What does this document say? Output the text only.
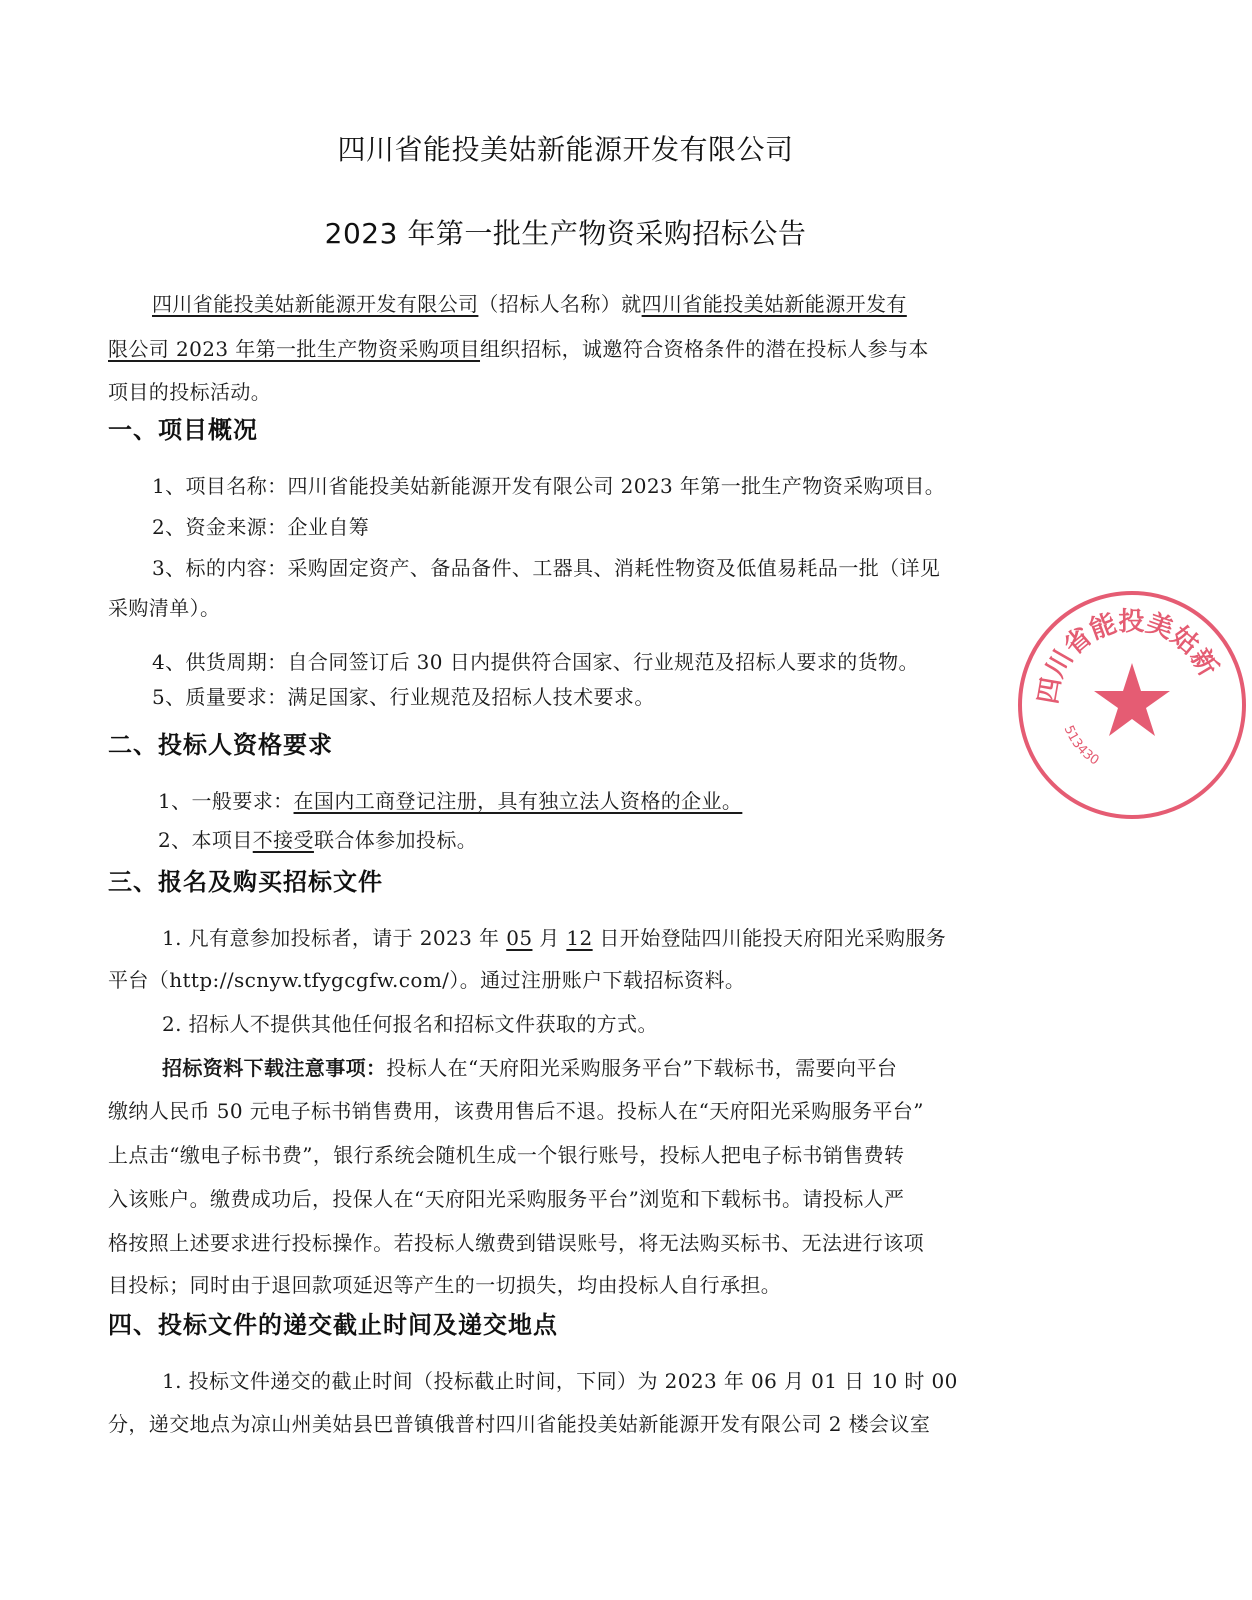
四川省能投美姑新能源开发有限公司
2023 年第一批生产物资采购招标公告
四川省能投美姑新能源开发有限公司（招标人名称）就四川省能投美姑新能源开发有
限公司 2023 年第一批生产物资采购项目组织招标，诚邀符合资格条件的潜在投标人参与本
项目的投标活动。
一、项目概况
1、项目名称：四川省能投美姑新能源开发有限公司 2023 年第一批生产物资采购项目。
2、资金来源：企业自筹
3、标的内容：采购固定资产、备品备件、工器具、消耗性物资及低值易耗品一批（详见
采购清单）。
4、供货周期：自合同签订后 30 日内提供符合国家、行业规范及招标人要求的货物。
5、质量要求：满足国家、行业规范及招标人技术要求。
二、投标人资格要求
1、一般要求：在国内工商登记注册，具有独立法人资格的企业。
2、本项目不接受联合体参加投标。
三、报名及购买招标文件
1. 凡有意参加投标者，请于 2023 年 05 月 12 日开始登陆四川能投天府阳光采购服务
平台（http://scnyw.tfygcgfw.com/）。通过注册账户下载招标资料。
2. 招标人不提供其他任何报名和招标文件获取的方式。
招标资料下载注意事项：投标人在“天府阳光采购服务平台”下载标书，需要向平台
缴纳人民币 50 元电子标书销售费用，该费用售后不退。投标人在“天府阳光采购服务平台”
上点击“缴电子标书费”，银行系统会随机生成一个银行账号，投标人把电子标书销售费转
入该账户。缴费成功后，投保人在“天府阳光采购服务平台”浏览和下载标书。请投标人严
格按照上述要求进行投标操作。若投标人缴费到错误账号，将无法购买标书、无法进行该项
目投标；同时由于退回款项延迟等产生的一切损失，均由投标人自行承担。
四、投标文件的递交截止时间及递交地点
1. 投标文件递交的截止时间（投标截止时间，下同）为 2023 年 06 月 01 日 10 时 00
分，递交地点为凉山州美姑县巴普镇俄普村四川省能投美姑新能源开发有限公司 2 楼会议室
四川省能投美姑新
513430
